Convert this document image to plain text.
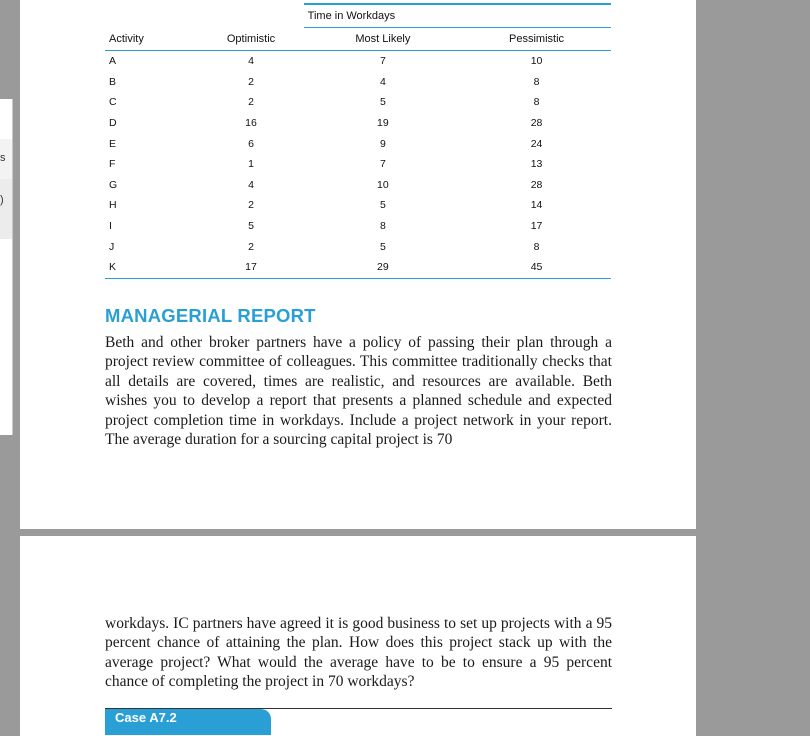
s
)
		Time in Workdays	
Activity	Optimistic	Most Likely	Pessimistic
A	4	7	10
B	2	4	8
C	2	5	8
D	16	19	28
E	6	9	24
F	1	7	13
G	4	10	28
H	2	5	14
I	5	8	17
J	2	5	8
K	17	29	45
MANAGERIAL REPORT

Beth and other broker partners have a policy of passing their plan through a project review committee of colleagues. This committee traditionally checks that all details are covered, times are realistic, and resources are available. Beth wishes you to develop a report that presents a planned schedule and expected project completion time in workdays. Include a project network in your report. The average duration for a sourcing capital project is 70

workdays. IC partners have agreed it is good business to set up projects with a 95 percent chance of attaining the plan. How does this project stack up with the average project? What would the average have to be to ensure a 95 percent chance of completing the project in 70 workdays?

Case A7.2
